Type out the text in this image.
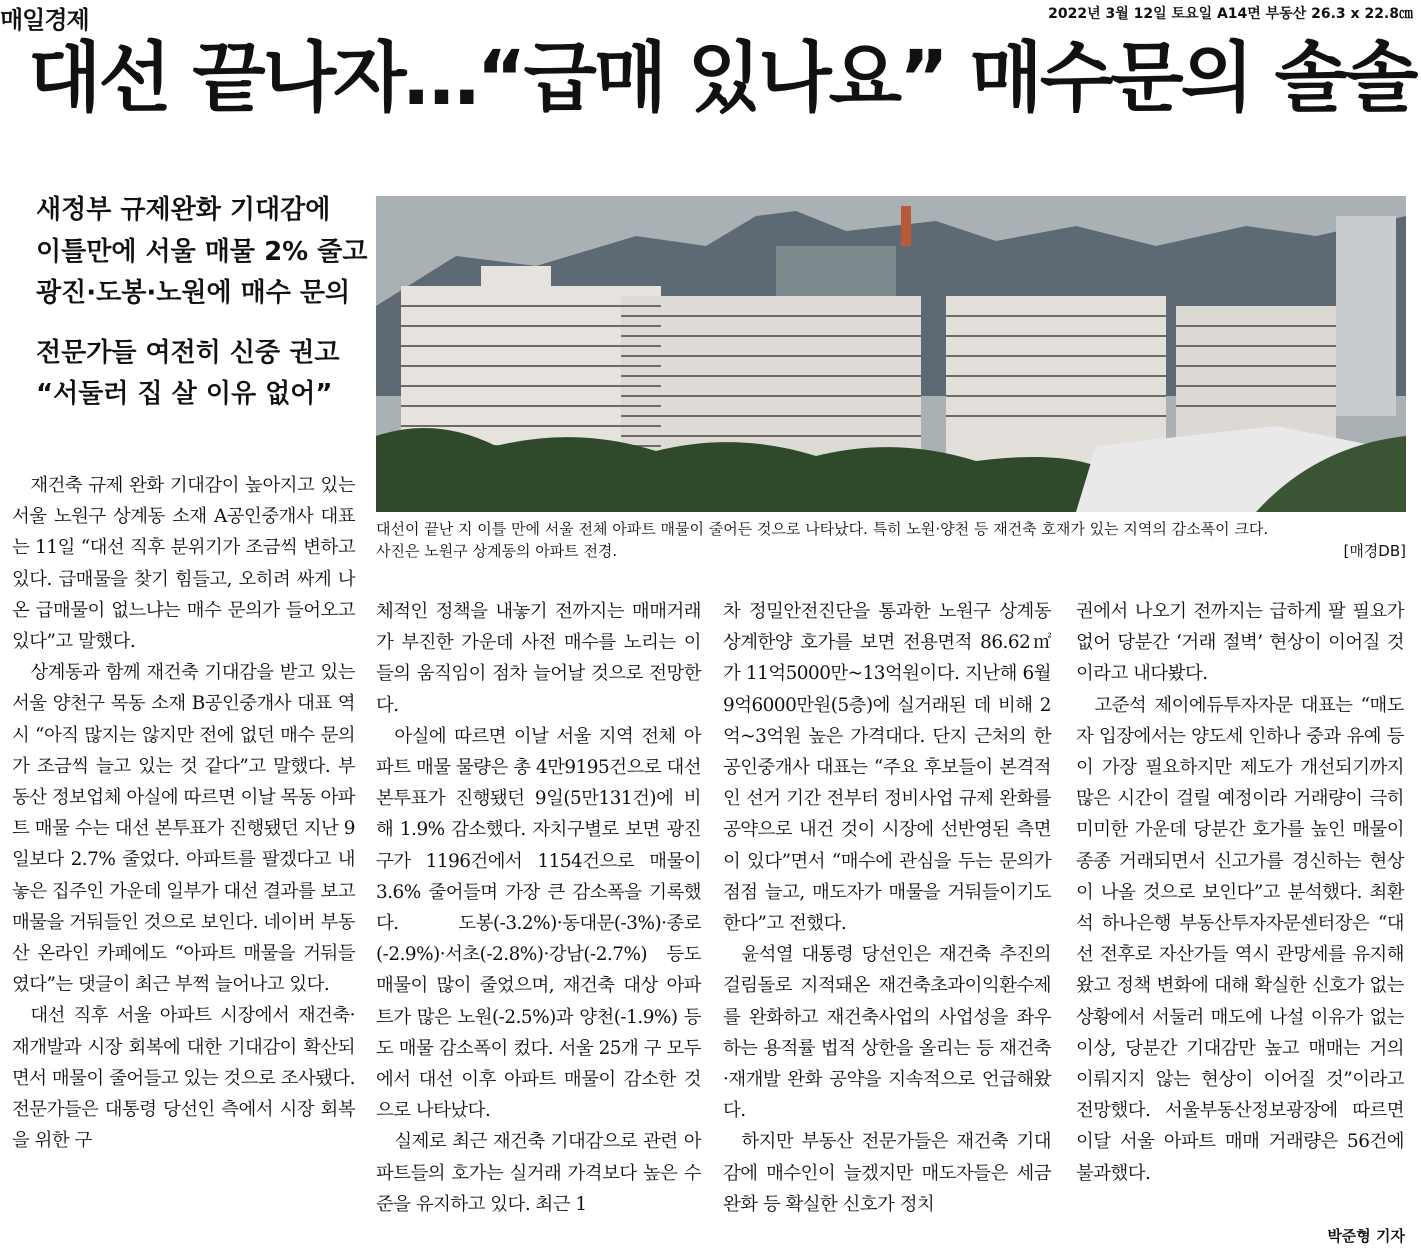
매일경제	2022년 3월 12일 토요일 A14면 부동산 26.3 x 22.8㎝
대선 끝나자…“급매 있나요” 매수문의 솔솔
새정부 규제완화 기대감에
이틀만에 서울 매물 2% 줄고
광진·도봉·노원에 매수 문의
전문가들 여전히 신중 권고
“서둘러 집 살 이유 없어”
대선이 끝난 지 이틀 만에 서울 전체 아파트 매물이 줄어든 것으로 나타났다. 특히 노원·양천 등 재건축 호재가 있는 지역의 감소폭이 크다.
사진은 노원구 상계동의 아파트 전경.	[매경DB]

재건축 규제 완화 기대감이 높아지고 있는 서울 노원구 상계동 소재 A공인중개사 대표는 11일 “대선 직후 분위기가 조금씩 변하고 있다. 급매물을 찾기 힘들고, 오히려 싸게 나온 급매물이 없느냐는 매수 문의가 들어오고 있다”고 말했다.

상계동과 함께 재건축 기대감을 받고 있는 서울 양천구 목동 소재 B공인중개사 대표 역시 “아직 많지는 않지만 전에 없던 매수 문의가 조금씩 늘고 있는 것 같다”고 말했다. 부동산 정보업체 아실에 따르면 이날 목동 아파트 매물 수는 대선 본투표가 진행됐던 지난 9일보다 2.7% 줄었다. 아파트를 팔겠다고 내놓은 집주인 가운데 일부가 대선 결과를 보고 매물을 거둬들인 것으로 보인다. 네이버 부동산 온라인 카페에도 “아파트 매물을 거둬들였다”는 댓글이 최근 부쩍 늘어나고 있다.

대선 직후 서울 아파트 시장에서 재건축·재개발과 시장 회복에 대한 기대감이 확산되면서 매물이 줄어들고 있는 것으로 조사됐다. 전문가들은 대통령 당선인 측에서 시장 회복을 위한 구

체적인 정책을 내놓기 전까지는 매매거래가 부진한 가운데 사전 매수를 노리는 이들의 움직임이 점차 늘어날 것으로 전망한다.

아실에 따르면 이날 서울 지역 전체 아파트 매물 물량은 총 4만9195건으로 대선 본투표가 진행됐던 9일(5만131건)에 비해 1.9% 감소했다. 자치구별로 보면 광진구가 1196건에서 1154건으로 매물이 3.6% 줄어들며 가장 큰 감소폭을 기록했다. 도봉(-3.2%)·동대문(-3%)·종로(-2.9%)·서초(-2.8%)·강남(-2.7%) 등도 매물이 많이 줄었으며, 재건축 대상 아파트가 많은 노원(-2.5%)과 양천(-1.9%) 등도 매물 감소폭이 컸다. 서울 25개 구 모두에서 대선 이후 아파트 매물이 감소한 것으로 나타났다.

실제로 최근 재건축 기대감으로 관련 아파트들의 호가는 실거래 가격보다 높은 수준을 유지하고 있다. 최근 1

차 정밀안전진단을 통과한 노원구 상계동 상계한양 호가를 보면 전용면적 86.62㎡가 11억5000만~13억원이다. 지난해 6월 9억6000만원(5층)에 실거래된 데 비해 2억~3억원 높은 가격대다. 단지 근처의 한 공인중개사 대표는 “주요 후보들이 본격적인 선거 기간 전부터 정비사업 규제 완화를 공약으로 내건 것이 시장에 선반영된 측면이 있다”면서 “매수에 관심을 두는 문의가 점점 늘고, 매도자가 매물을 거둬들이기도 한다”고 전했다.

윤석열 대통령 당선인은 재건축 추진의 걸림돌로 지적돼온 재건축초과이익환수제를 완화하고 재건축사업의 사업성을 좌우하는 용적률 법적 상한을 올리는 등 재건축·재개발 완화 공약을 지속적으로 언급해왔다.

하지만 부동산 전문가들은 재건축 기대감에 매수인이 늘겠지만 매도자들은 세금 완화 등 확실한 신호가 정치

권에서 나오기 전까지는 급하게 팔 필요가 없어 당분간 ‘거래 절벽’ 현상이 이어질 것이라고 내다봤다.

고준석 제이에듀투자자문 대표는 “매도자 입장에서는 양도세 인하나 중과 유예 등이 가장 필요하지만 제도가 개선되기까지 많은 시간이 걸릴 예정이라 거래량이 극히 미미한 가운데 당분간 호가를 높인 매물이 종종 거래되면서 신고가를 경신하는 현상이 나올 것으로 보인다”고 분석했다. 최환석 하나은행 부동산투자자문센터장은 “대선 전후로 자산가들 역시 관망세를 유지해왔고 정책 변화에 대해 확실한 신호가 없는 상황에서 서둘러 매도에 나설 이유가 없는 이상, 당분간 기대감만 높고 매매는 거의 이뤄지지 않는 현상이 이어질 것”이라고 전망했다. 서울부동산정보광장에 따르면 이달 서울 아파트 매매 거래량은 56건에 불과했다.

박준형 기자
